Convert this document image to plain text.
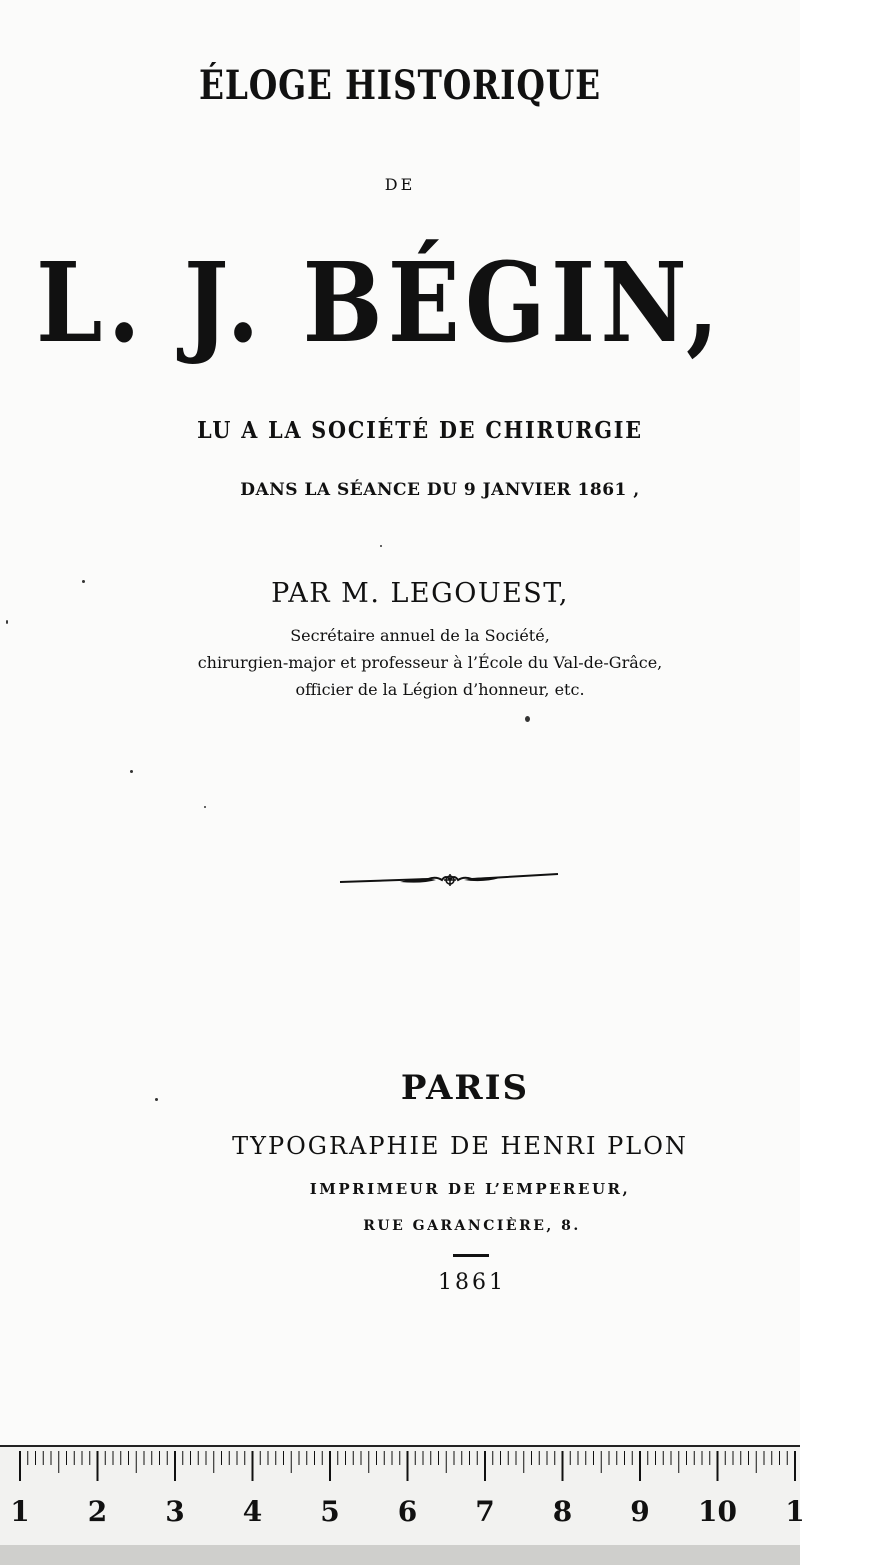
ÉLOGE HISTORIQUE
DE
L. J. BÉGIN,
LU A LA SOCIÉTÉ DE CHIRURGIE
DANS LA SÉANCE DU 9 JANVIER 1861 ,
PAR M. LEGOUEST,
Secrétaire annuel de la Société,
chirurgien-major et professeur à l’École du Val-de-Grâce,
officier de la Légion d’honneur, etc.
PARIS
TYPOGRAPHIE DE HENRI PLON
IMPRIMEUR DE L’EMPEREUR,
RUE GARANCIÈRE, 8.
1861
1 2 3 4 5 6 7 8 9 10 1
